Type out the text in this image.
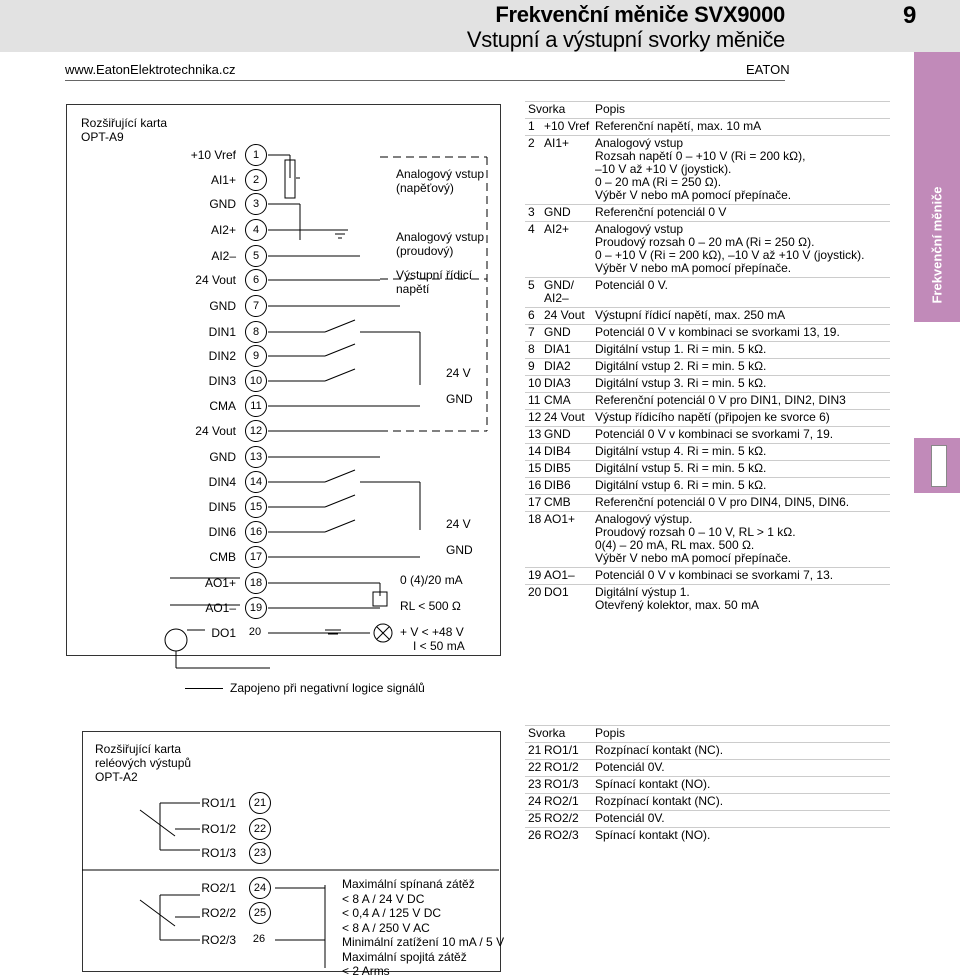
Frekvenční měniče SVX9000
Vstupní a výstupní svorky měniče
9
www.EatonElektrotechnika.cz	EATON
Frekvenční měniče
Rozšiřující karta
OPT-A9
+10 Vref	1
AI1+	2
GND	3
AI2+	4
AI2–	5
24 Vout	6
GND	7
DIN1	8
DIN2	9
DIN3	10
CMA	11
24 Vout	12
GND	13
DIN4	14
DIN5	15
DIN6	16
CMB	17
AO1+	18
AO1–	19
DO1	20
Analogový vstup
(napěťový)
Analogový vstup
(proudový)
Výstupní řídicí
napětí
24 V
GND
24 V
GND
0 (4)/20 mA
RL < 500 Ω
+ V < +48 V
I < 50 mA
Zapojeno při negativní logice signálů
Svorka		Popis
1	+10 Vref	Referenční napětí, max. 10 mA

2	AI1+	Analogový vstup
Rozsah napětí 0 – +10 V (Ri = 200 kΩ),
–10 V až +10 V (joystick).
0 – 20 mA (Ri = 250 Ω).
Výběr V nebo mA pomocí přepínače.

3	GND	Referenční potenciál 0 V

4	AI2+	Analogový vstup
Proudový rozsah 0 – 20 mA (Ri = 250 Ω).
0 – +10 V (Ri = 200 kΩ), –10 V až +10 V (joystick).
Výběr V nebo mA pomocí přepínače.

5	GND/ AI2–	Potenciál 0 V.

6	24 Vout	Výstupní řídicí napětí, max. 250 mA

7	GND	Potenciál 0 V v kombinaci se svorkami 13, 19.

8	DIA1	Digitální vstup 1. Ri = min. 5 kΩ.

9	DIA2	Digitální vstup 2. Ri = min. 5 kΩ.

10	DIA3	Digitální vstup 3. Ri = min. 5 kΩ.

11	CMA	Referenční potenciál 0 V pro DIN1, DIN2, DIN3

12	24 Vout	Výstup řídicího napětí (připojen ke svorce 6)

13	GND	Potenciál 0 V v kombinaci se svorkami 7, 19.

14	DIB4	Digitální vstup 4. Ri = min. 5 kΩ.

15	DIB5	Digitální vstup 5. Ri = min. 5 kΩ.

16	DIB6	Digitální vstup 6. Ri = min. 5 kΩ.

17	CMB	Referenční potenciál 0 V pro DIN4, DIN5, DIN6.

18	AO1+	Analogový výstup.
Proudový rozsah 0 – 10 V, RL > 1 kΩ.
0(4) – 20 mA, RL max. 500 Ω.
Výběr V nebo mA pomocí přepínače.

19	AO1–	Potenciál 0 V v kombinaci se svorkami 7, 13.

20	DO1	Digitální výstup 1.
Otevřený kolektor, max. 50 mA
Rozšiřující karta
reléových výstupů
OPT-A2
RO1/1	21
RO1/2	22
RO1/3	23
RO2/1	24
RO2/2	25
RO2/3	26
Maximální spínaná zátěž
< 8 A / 24 V DC
< 0,4 A / 125 V DC
< 8 A / 250 V AC
Minimální zatížení 10 mA / 5 V
Maximální spojitá zátěž
< 2 Arms
Svorka		Popis
21	RO1/1	Rozpínací kontakt (NC).

22	RO1/2	Potenciál 0V.

23	RO1/3	Spínací kontakt (NO).

24	RO2/1	Rozpínací kontakt (NC).

25	RO2/2	Potenciál 0V.

26	RO2/3	Spínací kontakt (NO).
